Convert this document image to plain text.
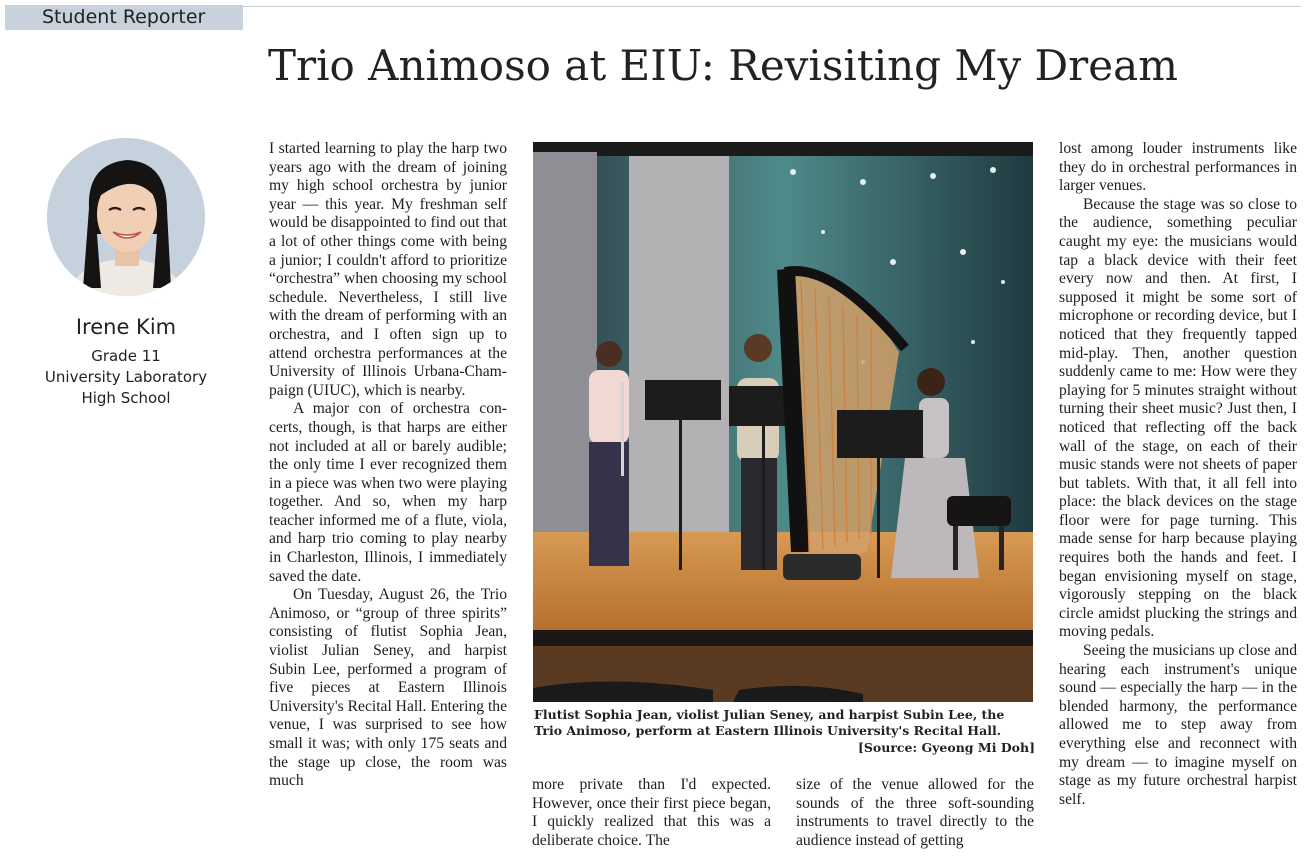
Student Reporter
Trio Animoso at EIU: Revisiting My Dream
Irene Kim
Grade 11
University Laboratory
High School

I started learning to play the harp two years ago with the dream of joining my high school orchestra by junior year — this year. My freshman self would be disappointed to find out that a lot of other things come with being a junior; I couldn't afford to prioritize “orchestra” when choosing my school schedule. Nevertheless, I still live with the dream of performing with an orchestra, and I often sign up to attend orchestra performances at the University of Illinois Urbana-Champaign (UIUC), which is nearby.

A major con of orchestra concerts, though, is that harps are either not included at all or barely audible; the only time I ever recognized them in a piece was when two were playing together. And so, when my harp teacher informed me of a flute, viola, and harp trio coming to play nearby in Charleston, Illinois, I immediately saved the date.

On Tuesday, August 26, the Trio Animoso, or “group of three spirits” consisting of flutist Sophia Jean, violist Julian Seney, and harpist Subin Lee, performed a program of five pieces at Eastern Illinois University's Recital Hall. Entering the venue, I was surprised to see how small it was; with only 175 seats and the stage up close, the room was much

Flutist Sophia Jean, violist Julian Seney, and harpist Subin Lee, the Trio Animoso, perform at Eastern Illinois University's Recital Hall.
[Source: Gyeong Mi Doh]

more private than I'd expected. However, once their first piece began, I quickly realized that this was a deliberate choice. The

size of the venue allowed for the sounds of the three soft-sounding instruments to travel directly to the audience instead of getting

lost among louder instruments like they do in orchestral performances in larger venues.

Because the stage was so close to the audience, something peculiar caught my eye: the musicians would tap a black device with their feet every now and then. At first, I supposed it might be some sort of microphone or recording device, but I noticed that they frequently tapped mid-play. Then, another question suddenly came to me: How were they playing for 5 minutes straight without turning their sheet music? Just then, I noticed that reflecting off the back wall of the stage, on each of their music stands were not sheets of paper but tablets. With that, it all fell into place: the black devices on the stage floor were for page turning. This made sense for harp because playing requires both the hands and feet. I began envisioning myself on stage, vigorously stepping on the black circle amidst plucking the strings and moving pedals.

Seeing the musicians up close and hearing each instrument's unique sound — especially the harp — in the blended harmony, the performance allowed me to step away from everything else and reconnect with my dream — to imagine myself on stage as my future orchestral harpist self.
